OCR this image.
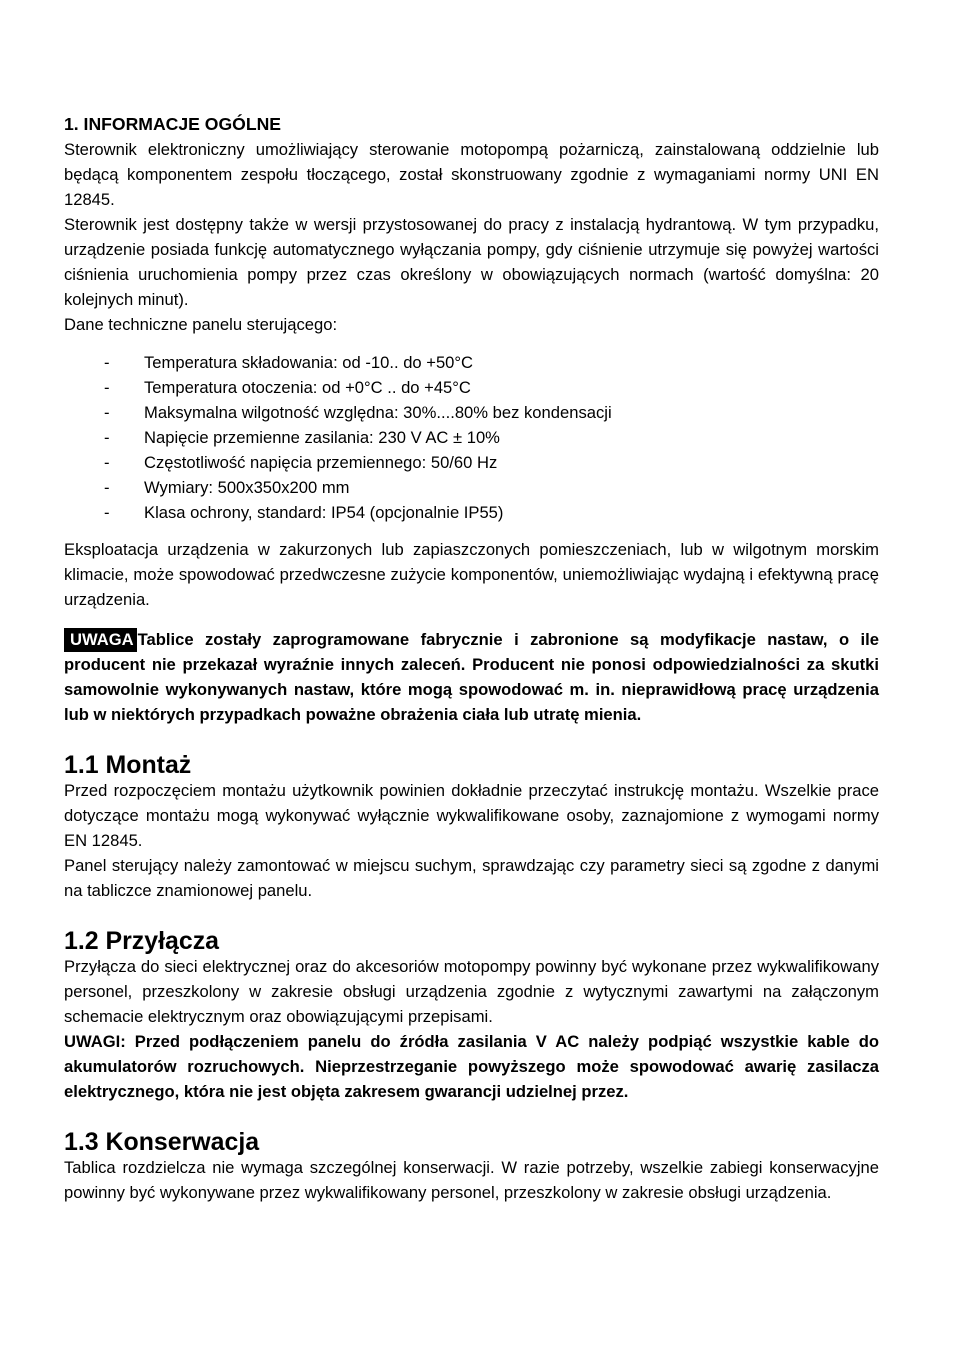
1. INFORMACJE OGÓLNE

Sterownik elektroniczny umożliwiający sterowanie motopompą pożarniczą, zainstalowaną oddzielnie lub będącą komponentem zespołu tłoczącego, został skonstruowany zgodnie z wymaganiami normy UNI EN 12845.

Sterownik jest dostępny także w wersji przystosowanej do pracy z instalacją hydrantową. W tym przypadku, urządzenie posiada funkcję automatycznego wyłączania pompy, gdy ciśnienie utrzymuje się powyżej wartości ciśnienia uruchomienia pompy przez czas określony w obowiązujących normach (wartość domyślna: 20 kolejnych minut).

Dane techniczne panelu sterującego:

- Temperatura składowania: od -10.. do +50°C
- Temperatura otoczenia: od +0°C .. do +45°C
- Maksymalna wilgotność względna: 30%....80% bez kondensacji
- Napięcie przemienne zasilania: 230 V AC ± 10%
- Częstotliwość napięcia przemiennego: 50/60 Hz
- Wymiary: 500x350x200 mm
- Klasa ochrony, standard: IP54 (opcjonalnie IP55)

Eksploatacja urządzenia w zakurzonych lub zapiaszczonych pomieszczeniach, lub w wilgotnym morskim klimacie, może spowodować przedwczesne zużycie komponentów, uniemożliwiając wydajną i efektywną pracę urządzenia.

UWAGA Tablice zostały zaprogramowane fabrycznie i zabronione są modyfikacje nastaw, o ile producent nie przekazał wyraźnie innych zaleceń. Producent nie ponosi odpowiedzialności za skutki samowolnie wykonywanych nastaw, które mogą spowodować m. in. nieprawidłową pracę urządzenia lub w niektórych przypadkach poważne obrażenia ciała lub utratę mienia.

1.1 Montaż

Przed rozpoczęciem montażu użytkownik powinien dokładnie przeczytać instrukcję montażu. Wszelkie prace dotyczące montażu mogą wykonywać wyłącznie wykwalifikowane osoby, zaznajomione z wymogami normy EN 12845.

Panel sterujący należy zamontować w miejscu suchym, sprawdzając czy parametry sieci są zgodne z danymi na tabliczce znamionowej panelu.

1.2 Przyłącza

Przyłącza do sieci elektrycznej oraz do akcesoriów motopompy powinny być wykonane przez wykwalifikowany personel, przeszkolony w zakresie obsługi urządzenia zgodnie z wytycznymi zawartymi na załączonym schemacie elektrycznym oraz obowiązującymi przepisami.

UWAGI: Przed podłączeniem panelu do źródła zasilania V AC należy podpiąć wszystkie kable do akumulatorów rozruchowych. Nieprzestrzeganie powyższego może spowodować awarię zasilacza elektrycznego, która nie jest objęta zakresem gwarancji udzielnej przez.

1.3 Konserwacja

Tablica rozdzielcza nie wymaga szczególnej konserwacji. W razie potrzeby, wszelkie zabiegi konserwacyjne powinny być wykonywane przez wykwalifikowany personel, przeszkolony w zakresie obsługi urządzenia.
